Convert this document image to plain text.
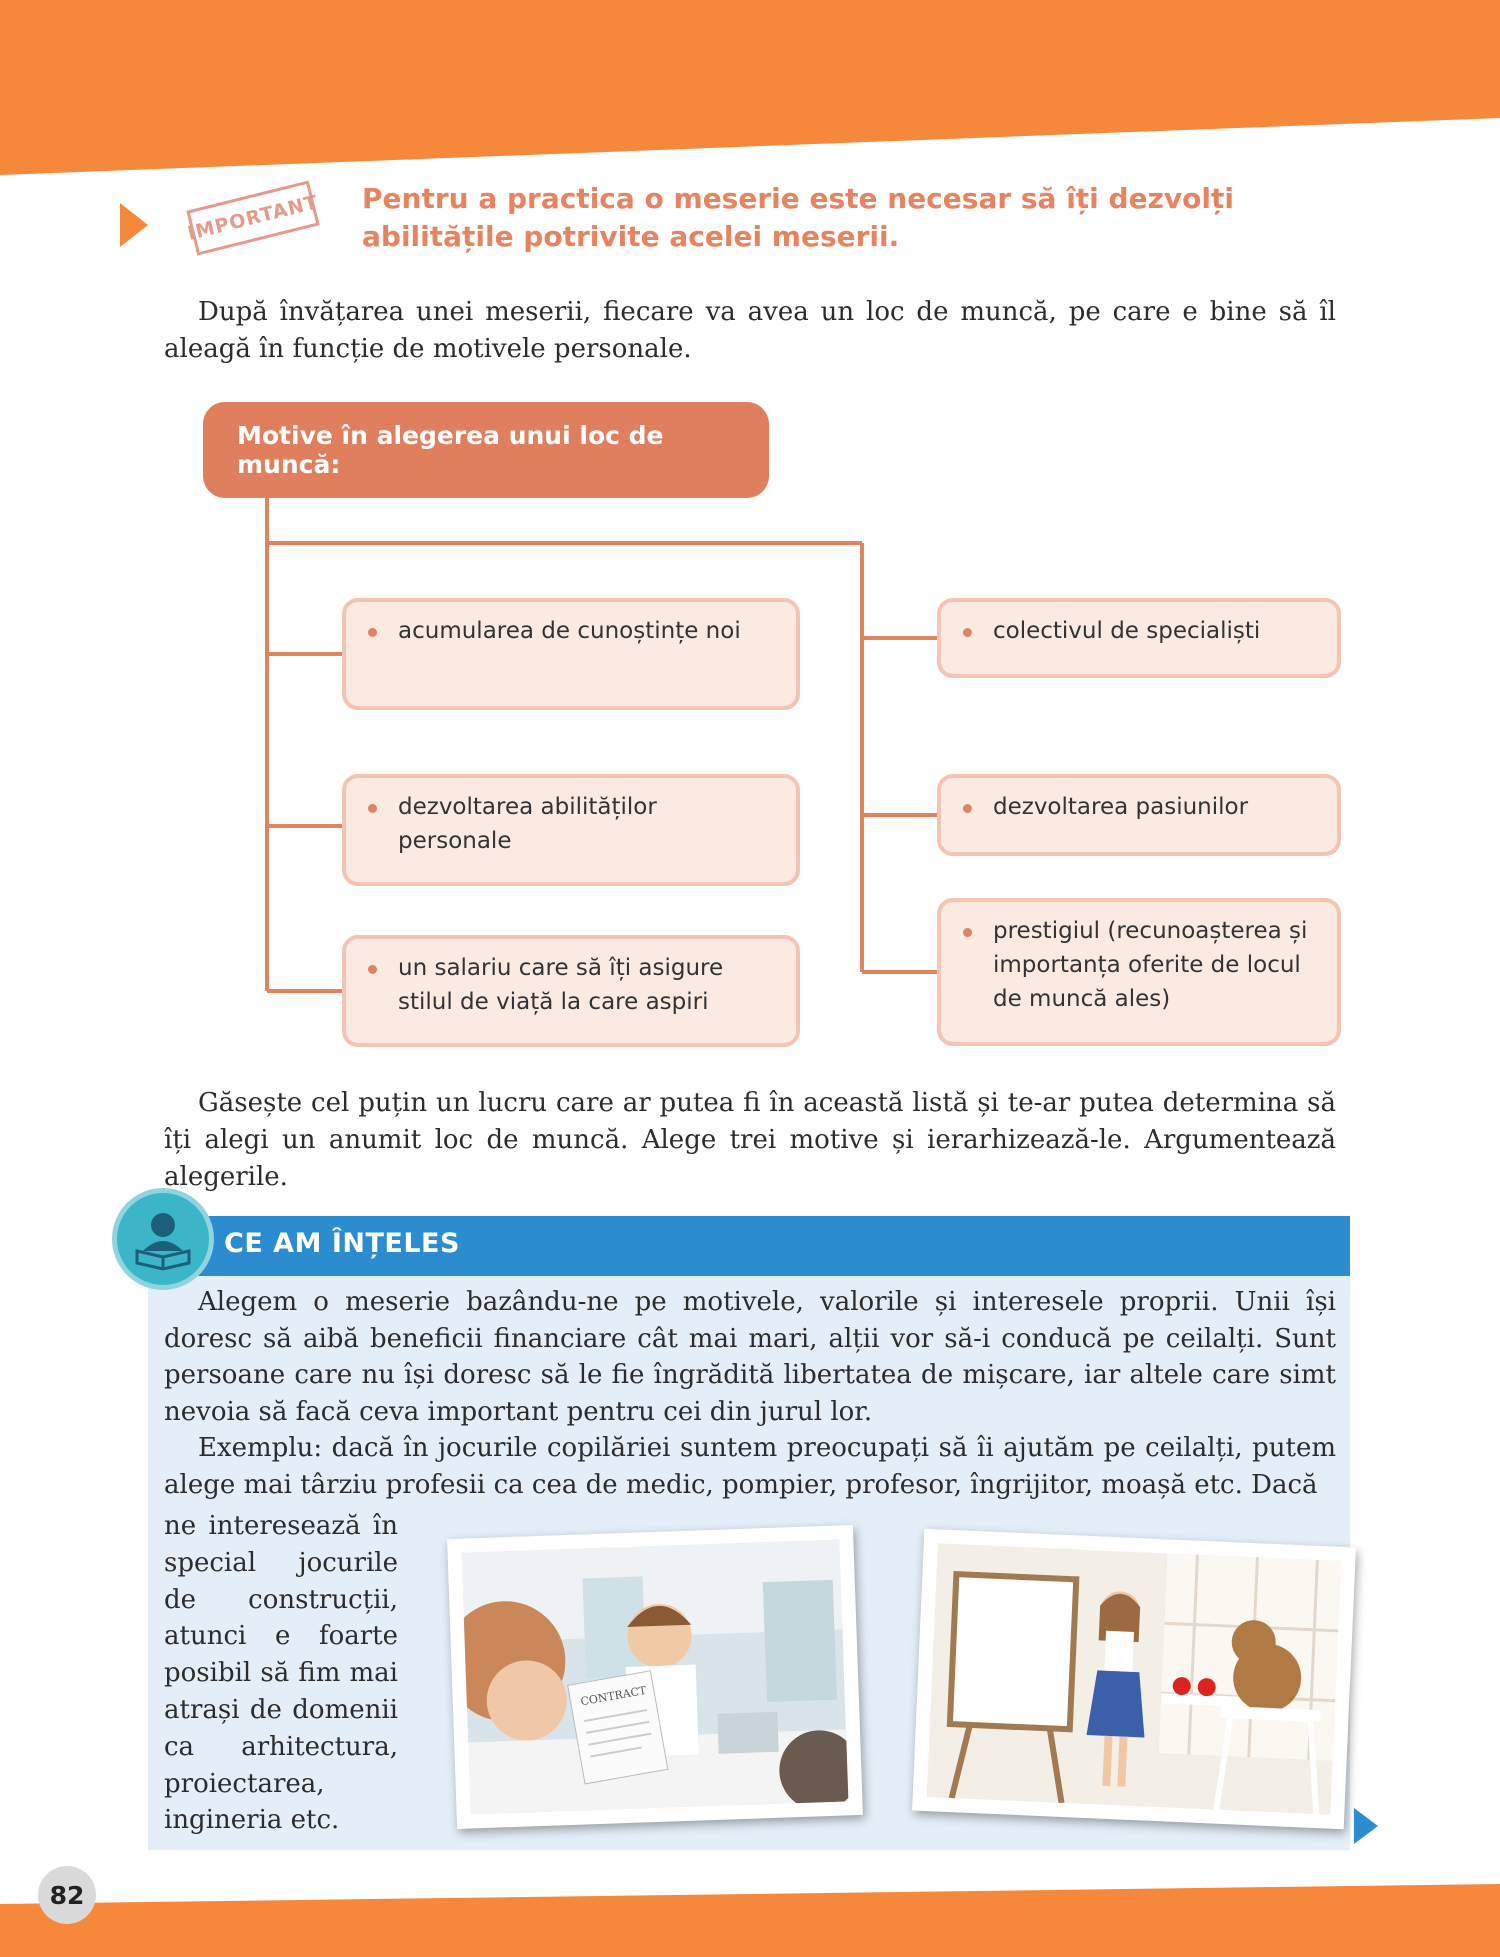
IMPORTANT Pentru a practica o meserie este necesar să îți dezvolți
abilitățile potrivite acelei meserii.
După învățarea unei meserii, fiecare va avea un loc de muncă, pe care e bine să îl aleagă în funcție de motivele personale.
Motive în alegerea unui loc de muncă:
acumularea de cunoștințe noi
dezvoltarea abilităților personale
un salariu care să îți asigure stilul de viață la care aspiri
colectivul de specialiști
dezvoltarea pasiunilor
prestigiul (recunoașterea și importanța oferite de locul de muncă ales)
Găsește cel puțin un lucru care ar putea fi în această listă și te-ar putea determina să îți alegi un anumit loc de muncă. Alege trei motive și ierarhizează-le. Argumentează alegerile.
CE AM ÎNȚELES
Alegem o meserie bazându-ne pe motivele, valorile și interesele proprii. Unii își doresc să aibă beneficii financiare cât mai mari, alții vor să-i conducă pe ceilalți. Sunt persoane care nu își doresc să le fie îngrădită libertatea de mișcare, iar altele care simt nevoia să facă ceva important pentru cei din jurul lor.
Exemplu: dacă în jocurile copilăriei suntem preocupați să îi ajutăm pe ceilalți, putem alege mai târziu profesii ca cea de medic, pompier, profesor, îngrijitor, moașă etc. Dacă
ne interesează în special jocurile de construcții, atunci e foarte posibil să fim mai atrași de domenii ca arhitectura, proiectarea, ingineria etc.
CONTRACT
82
